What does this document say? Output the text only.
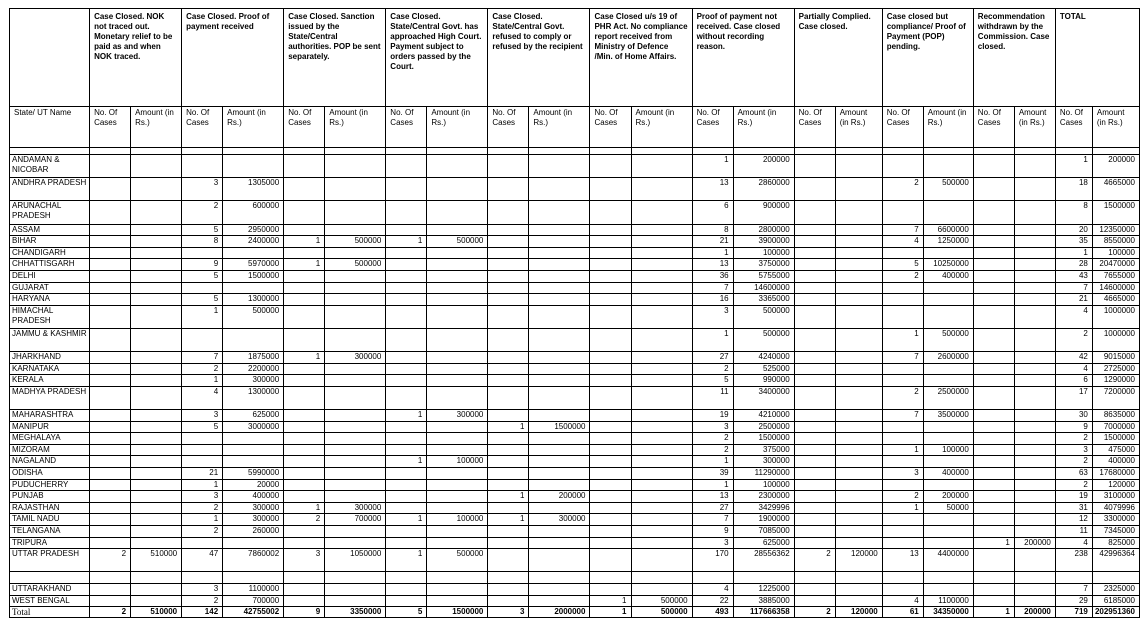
	Case Closed. NOK not traced out. Monetary relief to be paid as and when NOK traced.		Case Closed. Proof of payment received		Case Closed. Sanction issued by the State/Central authorities. POP be sent separately.		Case Closed. State/Central Govt. has approached High Court. Payment subject to orders passed by the Court.		Case Closed. State/Central Govt. refused to comply or refused by the recipient		Case Closed u/s 19 of PHR Act. No compliance report received from Ministry of Defence /Min. of Home Affairs.		Proof of payment not received. Case closed without recording reason.		Partially Complied. Case closed.		Case closed but compliance/ Proof of Payment (POP) pending.		Recommendation withdrawn by the Commission. Case closed.		TOTAL	
State/ UT Name	No. Of Cases	Amount (in Rs.)	No. Of Cases	Amount (in Rs.)	No. Of Cases	Amount (in Rs.)	No. Of Cases	Amount (in Rs.)	No. Of Cases	Amount (in Rs.)	No. Of Cases	Amount (in Rs.)	No. Of Cases	Amount (in Rs.)	No. Of Cases	Amount (in Rs.)	No. Of Cases	Amount (in Rs.)	No. Of Cases	Amount (in Rs.)	No. Of Cases	Amount (in Rs.)

ANDAMAN & NICOBAR													1	200000							1	200000
ANDHRA PRADESH			3	1305000									13	2860000			2	500000			18	4665000
ARUNACHAL PRADESH			2	600000									6	900000							8	1500000
ASSAM			5	2950000									8	2800000			7	6600000			20	12350000
BIHAR			8	2400000	1	500000	1	500000					21	3900000			4	1250000			35	8550000
CHANDIGARH													1	100000							1	100000
CHHATTISGARH			9	5970000	1	500000							13	3750000			5	10250000			28	20470000
DELHI			5	1500000									36	5755000			2	400000			43	7655000
GUJARAT													7	14600000							7	14600000
HARYANA			5	1300000									16	3365000							21	4665000
HIMACHAL PRADESH			1	500000									3	500000							4	1000000
JAMMU & KASHMIR													1	500000			1	500000			2	1000000
JHARKHAND			7	1875000	1	300000							27	4240000			7	2600000			42	9015000
KARNATAKA			2	2200000									2	525000							4	2725000
KERALA			1	300000									5	990000							6	1290000
MADHYA PRADESH			4	1300000									11	3400000			2	2500000			17	7200000
MAHARASHTRA			3	625000			1	300000					19	4210000			7	3500000			30	8635000
MANIPUR			5	3000000					1	1500000			3	2500000							9	7000000
MEGHALAYA													2	1500000							2	1500000
MIZORAM													2	375000			1	100000			3	475000
NAGALAND							1	100000					1	300000							2	400000
ODISHA			21	5990000									39	11290000			3	400000			63	17680000
PUDUCHERRY			1	20000									1	100000							2	120000
PUNJAB			3	400000					1	200000			13	2300000			2	200000			19	3100000
RAJASTHAN			2	300000	1	300000							27	3429996			1	50000			31	4079996
TAMIL NADU			1	300000	2	700000	1	100000	1	300000			7	1900000							12	3300000
TELANGANA			2	260000									9	7085000							11	7345000
TRIPURA													3	625000					1	200000	4	825000
UTTAR PRADESH	2	510000	47	7860002	3	1050000	1	500000					170	28556362	2	120000	13	4400000			238	42996364

UTTARAKHAND			3	1100000									4	1225000							7	2325000
WEST BENGAL			2	700000							1	500000	22	3885000			4	1100000			29	6185000
Total	2	510000	142	42755002	9	3350000	5	1500000	3	2000000	1	500000	493	117666358	2	120000	61	34350000	1	200000	719	202951360
